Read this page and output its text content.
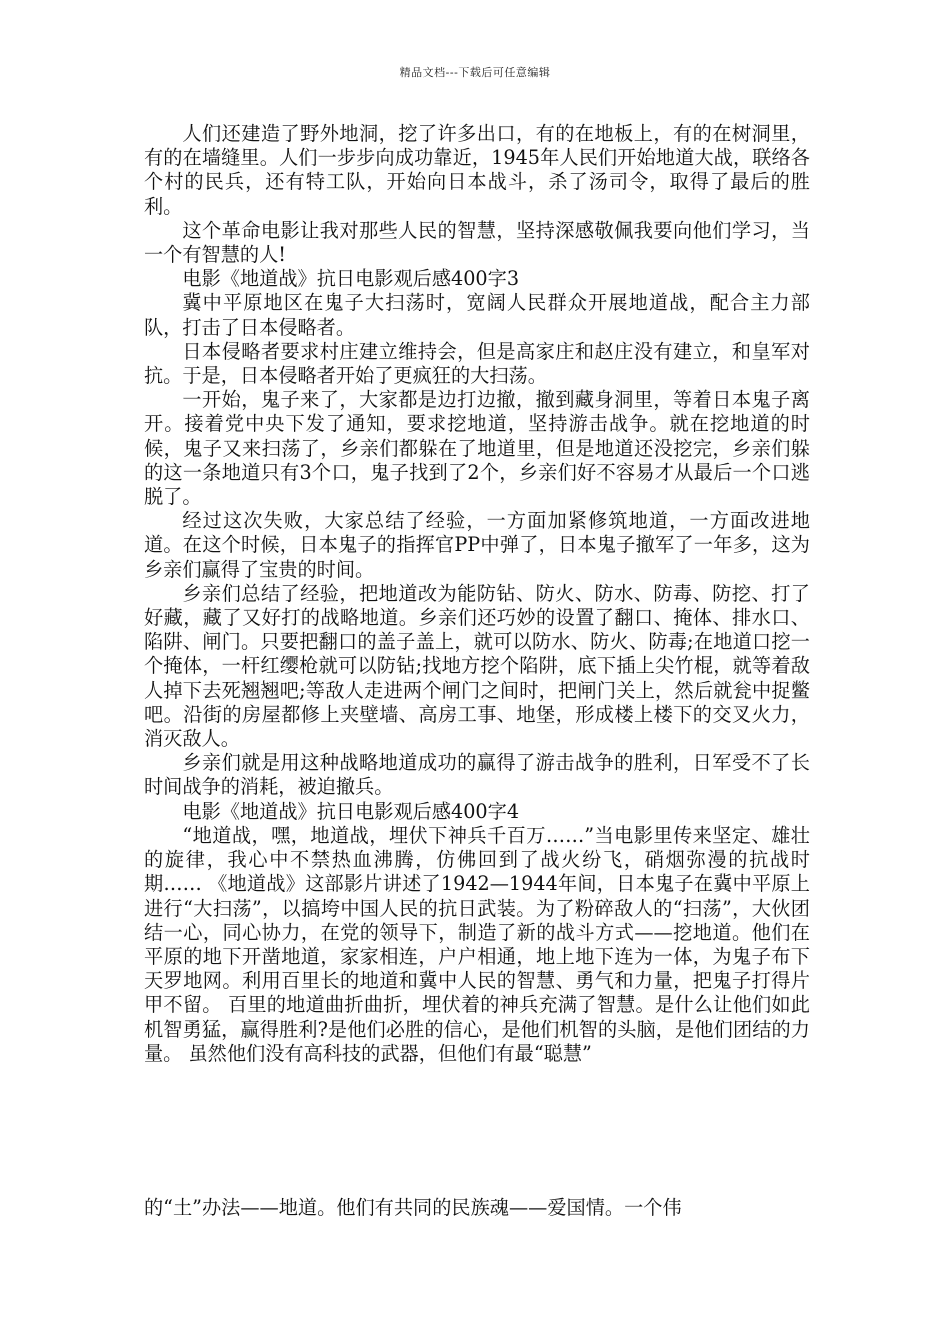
精品文档---下载后可任意编辑

人们还建造了野外地洞，挖了许多出口，有的在地板上，有的在树洞里，有的在墙缝里。人们一步步向成功靠近，1945年人民们开始地道大战，联络各个村的民兵，还有特工队，开始向日本战斗，杀了汤司令，取得了最后的胜利。

这个革命电影让我对那些人民的智慧，坚持深感敬佩我要向他们学习，当一个有智慧的人!

电影《地道战》抗日电影观后感400字3

冀中平原地区在鬼子大扫荡时，宽阔人民群众开展地道战，配合主力部队，打击了日本侵略者。

日本侵略者要求村庄建立维持会，但是高家庄和赵庄没有建立，和皇军对抗。于是，日本侵略者开始了更疯狂的大扫荡。

一开始，鬼子来了，大家都是边打边撤，撤到藏身洞里，等着日本鬼子离开。接着党中央下发了通知，要求挖地道，坚持游击战争。就在挖地道的时候，鬼子又来扫荡了，乡亲们都躲在了地道里，但是地道还没挖完，乡亲们躲的这一条地道只有3个口，鬼子找到了2个，乡亲们好不容易才从最后一个口逃脱了。

经过这次失败，大家总结了经验，一方面加紧修筑地道，一方面改进地道。在这个时候，日本鬼子的指挥官PP中弹了，日本鬼子撤军了一年多，这为乡亲们赢得了宝贵的时间。

乡亲们总结了经验，把地道改为能防钻、防火、防水、防毒、防挖、打了好藏，藏了又好打的战略地道。乡亲们还巧妙的设置了翻口、掩体、排水口、陷阱、闸门。只要把翻口的盖子盖上，就可以防水、防火、防毒;在地道口挖一个掩体，一杆红缨枪就可以防钻;找地方挖个陷阱，底下插上尖竹棍，就等着敌人掉下去死翘翘吧;等敌人走进两个闸门之间时，把闸门关上，然后就瓮中捉鳖吧。沿街的房屋都修上夹壁墙、高房工事、地堡，形成楼上楼下的交叉火力，消灭敌人。

乡亲们就是用这种战略地道成功的赢得了游击战争的胜利，日军受不了长时间战争的消耗，被迫撤兵。

电影《地道战》抗日电影观后感400字4

“地道战，嘿，地道战，埋伏下神兵千百万……”当电影里传来坚定、雄壮的旋律，我心中不禁热血沸腾，仿佛回到了战火纷飞，硝烟弥漫的抗战时期…… 《地道战》这部影片讲述了1942—1944年间，日本鬼子在冀中平原上进行“大扫荡”，以搞垮中国人民的抗日武装。为了粉碎敌人的“扫荡”，大伙团结一心，同心协力，在党的领导下，制造了新的战斗方式——挖地道。他们在平原的地下开凿地道，家家相连，户户相通，地上地下连为一体，为鬼子布下天罗地网。利用百里长的地道和冀中人民的智慧、勇气和力量，把鬼子打得片甲不留。 百里的地道曲折曲折，埋伏着的神兵充满了智慧。是什么让他们如此机智勇猛，赢得胜利?是他们必胜的信心，是他们机智的头脑，是他们团结的力量。 虽然他们没有高科技的武器，但他们有最“聪慧”

的“土”办法——地道。他们有共同的民族魂——爱国情。一个伟
